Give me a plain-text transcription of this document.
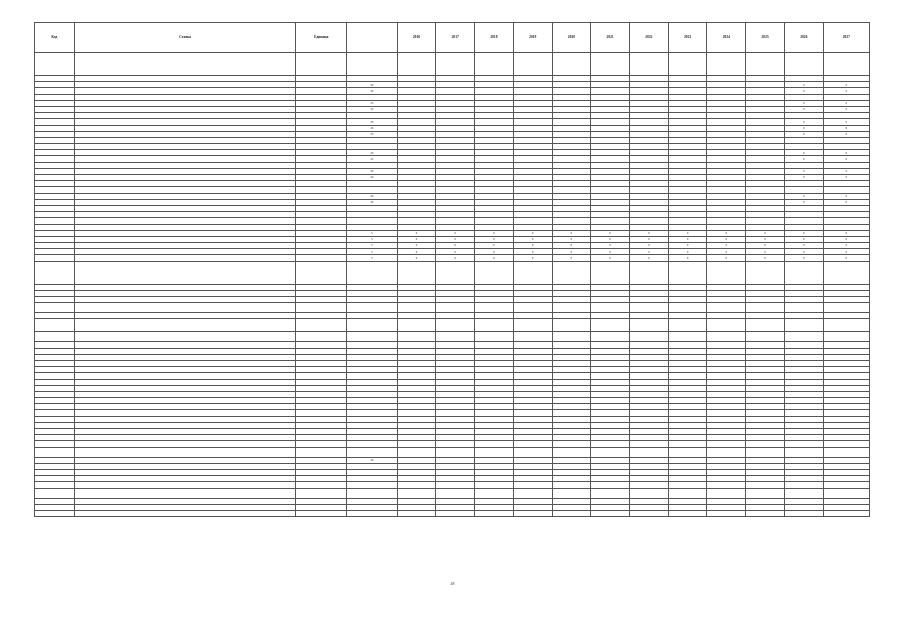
Код	Ставка	Единица		2016	2017	2018	2019	2020	2021	2022	2023	2024	2025	2026	2027

			20											0	0
			20											0	0

			25											0	0
			25											0	0

			20											0	0
			20											0	0
			25											0	0

			20											0	0
			25											0	0

			20											0	0
			20											0	0

			20											0	0
			20											0	0

			5	0	0	0	0	0	0	0	0	0	0	0	0
			5	0	0	0	0	0	0	0	0	0	0	0	0
			5	0	0	0	0	0	0	0	0	0	0	0	0
			5	0	0	0	0	0	0	0	0	0	0	0	0
			5	0	0	0	0	0	0	0	0	0	0	0	0

			10												

48
